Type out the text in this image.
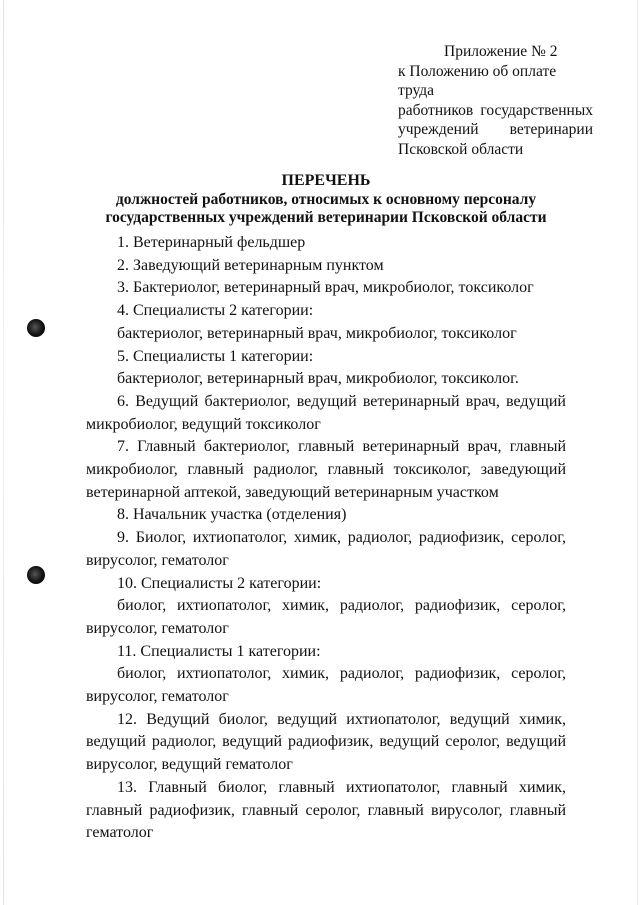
Приложение № 2
к Положению об оплате труда
работников государственных
учреждений ветеринарии
Псковской области
ПЕРЕЧЕНЬ
должностей работников, относимых к основному персоналу
государственных учреждений ветеринарии Псковской области

1. Ветеринарный фельдшер

2. Заведующий ветеринарным пунктом

3. Бактериолог, ветеринарный врач, микробиолог, токсиколог

4. Специалисты 2 категории:

бактериолог, ветеринарный врач, микробиолог, токсиколог

5. Специалисты 1 категории:

бактериолог, ветеринарный врач, микробиолог, токсиколог.

6. Ведущий бактериолог, ведущий ветеринарный врач, ведущий микробиолог, ведущий токсиколог

7. Главный бактериолог, главный ветеринарный врач, главный микробиолог, главный радиолог, главный токсиколог, заведующий ветеринарной аптекой, заведующий ветеринарным участком

8. Начальник участка (отделения)

9. Биолог, ихтиопатолог, химик, радиолог, радиофизик, серолог, вирусолог, гематолог

10. Специалисты 2 категории:

биолог, ихтиопатолог, химик, радиолог, радиофизик, серолог, вирусолог, гематолог

11. Специалисты 1 категории:

биолог, ихтиопатолог, химик, радиолог, радиофизик, серолог, вирусолог, гематолог

12. Ведущий биолог, ведущий ихтиопатолог, ведущий химик, ведущий радиолог, ведущий радиофизик, ведущий серолог, ведущий вирусолог, ведущий гематолог

13. Главный биолог, главный ихтиопатолог, главный химик, главный радиофизик, главный серолог, главный вирусолог, главный гематолог
